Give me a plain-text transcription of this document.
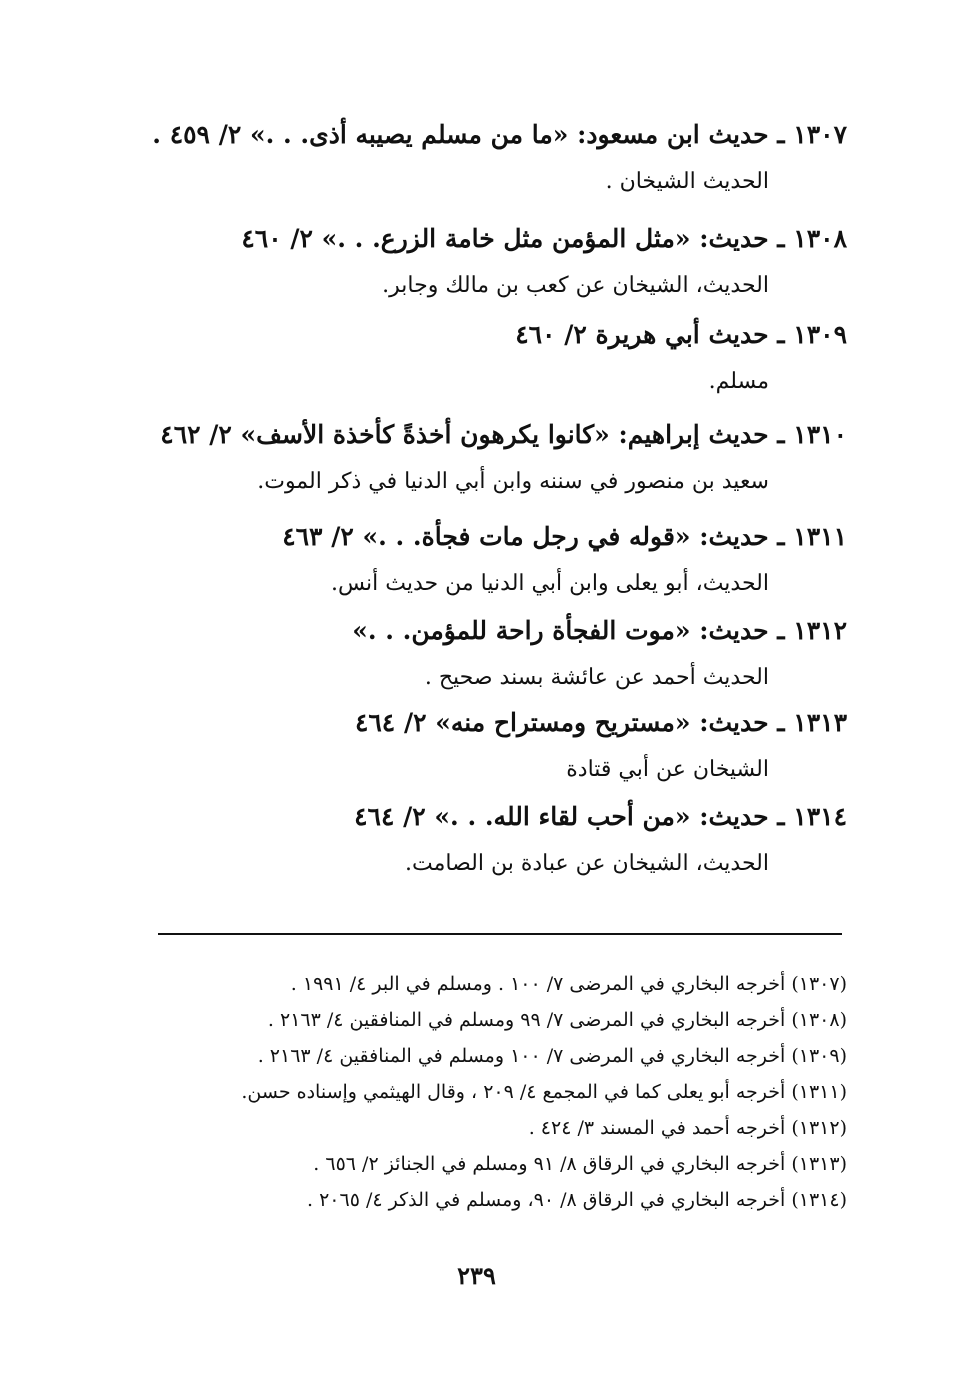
١٣٠٧ ـ حديث ابن مسعود: «ما من مسلم يصيبه أذى. . .» ٢/ ٤٥٩ .
الحديث الشيخان .
١٣٠٨ ـ حديث: «مثل المؤمن مثل خامة الزرع. . .» ٢/ ٤٦٠
الحديث، الشيخان عن كعب بن مالك وجابر.
١٣٠٩ ـ حديث أبي هريرة ٢/ ٤٦٠
مسلم.
١٣١٠ ـ حديث إبراهيم: «كانوا يكرهون أخذةً كأخذة الأسف» ٢/ ٤٦٢
سعيد بن منصور في سننه وابن أبي الدنيا في ذكر الموت.
١٣١١ ـ حديث: «قوله في رجل مات فجأة. . .» ٢/ ٤٦٣
الحديث، أبو يعلى وابن أبي الدنيا من حديث أنس.
١٣١٢ ـ حديث: «موت الفجأة راحة للمؤمن. . .»
الحديث أحمد عن عائشة بسند صحيح .
١٣١٣ ـ حديث: «مستريح ومستراح منه» ٢/ ٤٦٤
الشيخان عن أبي قتادة
١٣١٤ ـ حديث: «من أحب لقاء الله. . .» ٢/ ٤٦٤
الحديث، الشيخان عن عبادة بن الصامت.
(١٣٠٧) أخرجه البخاري في المرضى ٧/ ١٠٠ . ومسلم في البر ٤/ ١٩٩١ .
(١٣٠٨) أخرجه البخاري في المرضى ٧/ ٩٩ ومسلم في المنافقين ٤/ ٢١٦٣ .
(١٣٠٩) أخرجه البخاري في المرضى ٧/ ١٠٠ ومسلم في المنافقين ٤/ ٢١٦٣ .
(١٣١١) أخرجه أبو يعلى كما في المجمع ٤/ ٢٠٩ ، وقال الهيثمي وإسناده حسن.
(١٣١٢) أخرجه أحمد في المسند ٣/ ٤٢٤ .
(١٣١٣) أخرجه البخاري في الرقاق ٨/ ٩١ ومسلم في الجنائز ٢/ ٦٥٦ .
(١٣١٤) أخرجه البخاري في الرقاق ٨/ ٩٠، ومسلم في الذكر ٤/ ٢٠٦٥ .
٢٣٩
